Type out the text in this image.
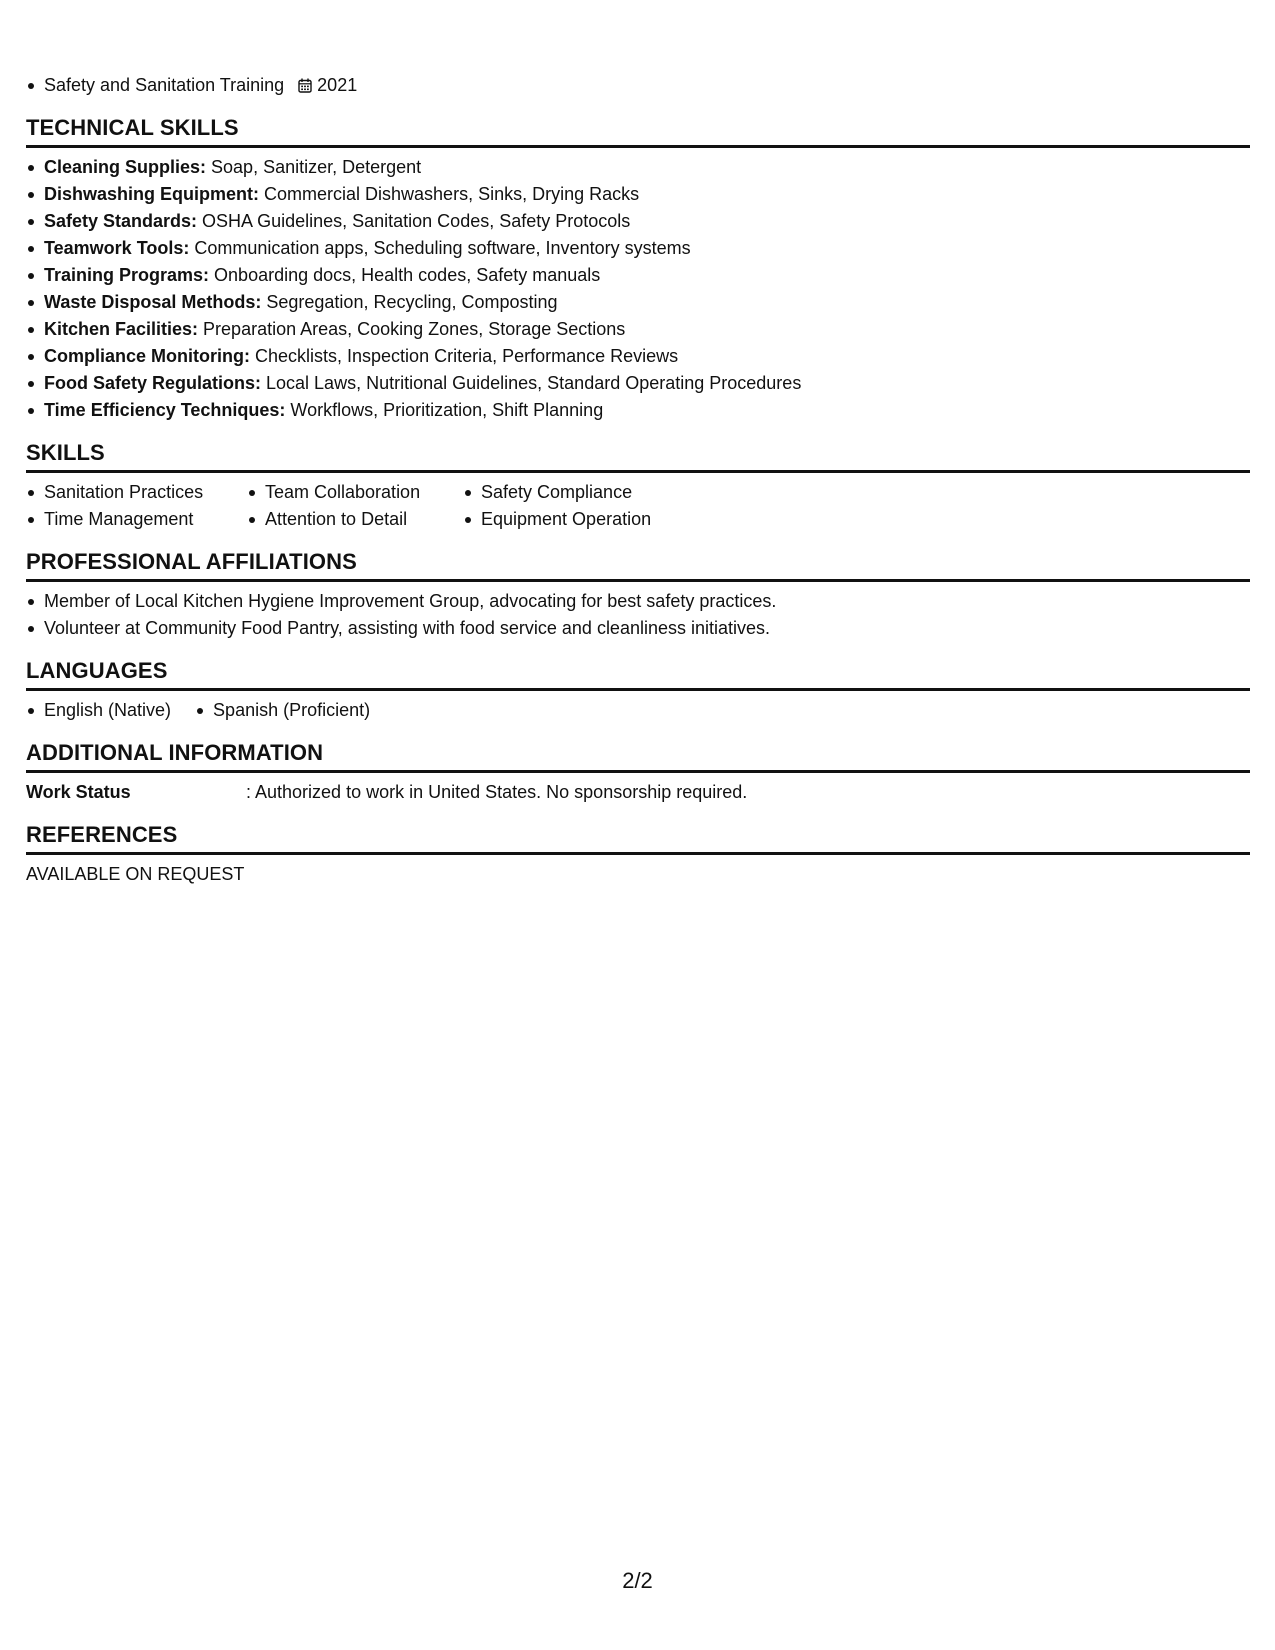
Safety and Sanitation Training 2021
TECHNICAL SKILLS
Cleaning Supplies: Soap, Sanitizer, Detergent
Dishwashing Equipment: Commercial Dishwashers, Sinks, Drying Racks
Safety Standards: OSHA Guidelines, Sanitation Codes, Safety Protocols
Teamwork Tools: Communication apps, Scheduling software, Inventory systems
Training Programs: Onboarding docs, Health codes, Safety manuals
Waste Disposal Methods: Segregation, Recycling, Composting
Kitchen Facilities: Preparation Areas, Cooking Zones, Storage Sections
Compliance Monitoring: Checklists, Inspection Criteria, Performance Reviews
Food Safety Regulations: Local Laws, Nutritional Guidelines, Standard Operating Procedures
Time Efficiency Techniques: Workflows, Prioritization, Shift Planning
SKILLS
Sanitation Practices
Time Management
Team Collaboration
Attention to Detail
Safety Compliance
Equipment Operation
PROFESSIONAL AFFILIATIONS
Member of Local Kitchen Hygiene Improvement Group, advocating for best safety practices.
Volunteer at Community Food Pantry, assisting with food service and cleanliness initiatives.
LANGUAGES
English (Native) Spanish (Proficient)
ADDITIONAL INFORMATION
Work Status	: Authorized to work in United States. No sponsorship required.
REFERENCES
AVAILABLE ON REQUEST
2/2
